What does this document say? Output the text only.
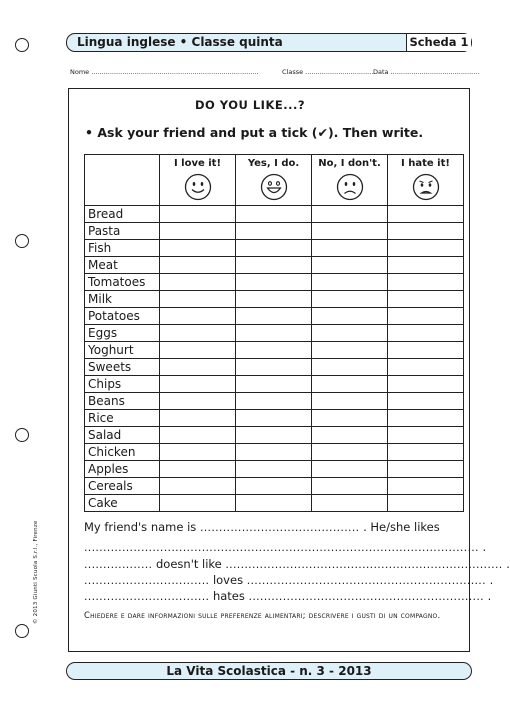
Lingua inglese • Classe quinta	Scheda 1
Nome .................................................................................	Classe ..................................
Data ...........................................
© 2013 Giunti Scuola S.r.l., Firenze
DO YOU LIKE...?
• Ask your friend and put a tick (✔). Then write.

	I love it!	Yes, I do.	No, I don't.	I hate it!

Bread				
Pasta				
Fish				
Meat				
Tomatoes				
Milk				
Potatoes				
Eggs				
Yoghurt				
Sweets				
Chips				
Beans				
Rice				
Salad				
Chicken				
Apples				
Cereals				
Cake				
My friend's name is .......................................... . He/she likes
........................................................................................................ .
.................. doesn't like ......................................................................... .
................................. loves ............................................................... .
................................. hates .............................................................. .
Chiedere e dare informazioni sulle preferenze alimentari; descrivere i gusti di un compagno.
La Vita Scolastica - n. 3 - 2013
